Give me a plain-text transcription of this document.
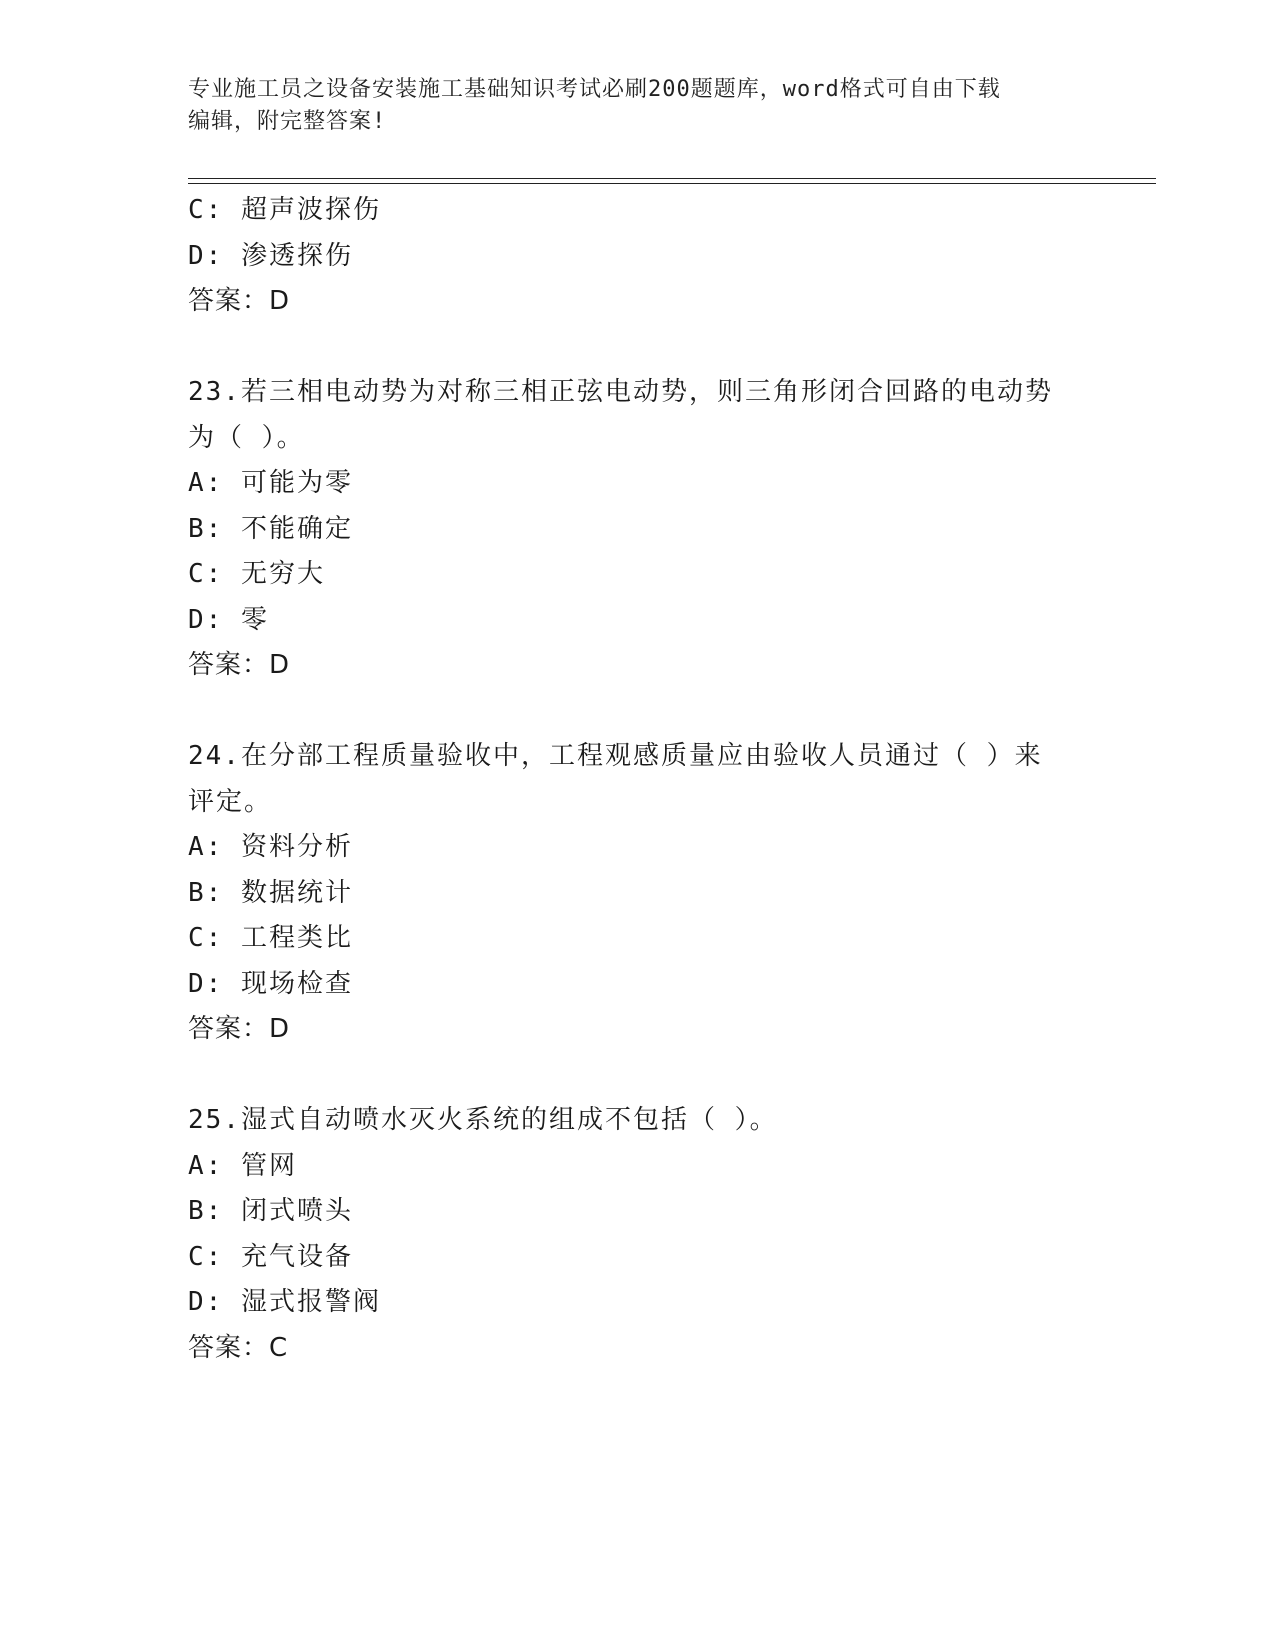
专业施工员之设备安装施工基础知识考试必刷200题题库，word格式可自由下载
编辑，附完整答案!
C: 超声波探伤
D: 渗透探伤
答案：D
23.若三相电动势为对称三相正弦电动势，则三角形闭合回路的电动势
为（ ）。
A: 可能为零
B: 不能确定
C: 无穷大
D: 零
答案：D
24.在分部工程质量验收中，工程观感质量应由验收人员通过（ ）来
评定。
A: 资料分析
B: 数据统计
C: 工程类比
D: 现场检查
答案：D
25.湿式自动喷水灭火系统的组成不包括（ ）。
A: 管网
B: 闭式喷头
C: 充气设备
D: 湿式报警阀
答案：C
